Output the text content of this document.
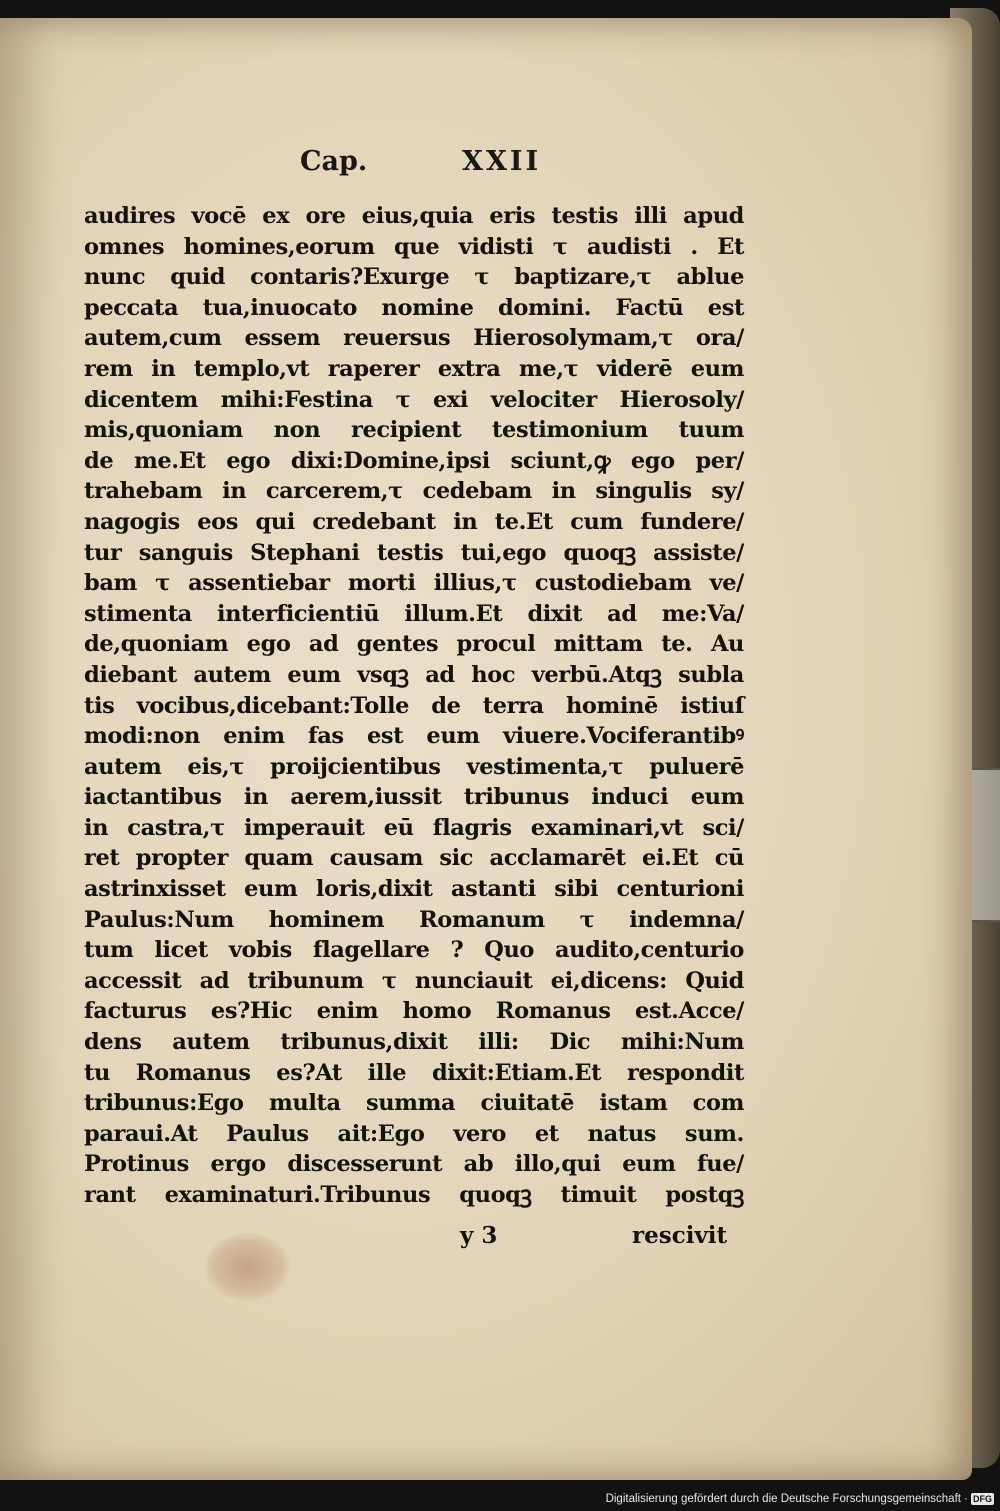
Cap.	XXII
audires vocē ex ore eius,quia eris testis illi apud
omnes homines,eorum que vidisti τ audisti . Et
nunc quid contaris?Exurge τ baptizare,τ ablue
peccata tua,inuocato nomine domini. Factū est
autem,cum essem reuersus Hierosolymam,τ ora/
rem in templo,vt raperer extra me,τ viderē eum
dicentem mihi:Festina τ exi velociter Hierosoly/
mis,quoniam non recipient testimonium tuum
de me.Et ego dixi:Domine,ipsi sciunt,ꝙ ego per/
trahebam in carcerem,τ cedebam in singulis sy/
nagogis eos qui credebant in te.Et cum fundere/
tur sanguis Stephani testis tui,ego quoqꝫ assiste/
bam τ assentiebar morti illius,τ custodiebam ve/
stimenta interficientiū illum.Et dixit ad me:Va/
de,quoniam ego ad gentes procul mittam te. Au
diebant autem eum vsqꝫ ad hoc verbū.Atqꝫ subla
tis vocibus,dicebant:Tolle de terra hominē istiuſ
modi:non enim fas est eum viuere.Vociferantibꝰ
autem eis,τ proijcientibus vestimenta,τ puluerē
iactantibus in aerem,iussit tribunus induci eum
in castra,τ imperauit eū flagris examinari,vt sci/
ret propter quam causam sic acclamarēt ei.Et cū
astrinxisset eum loris,dixit astanti sibi centurioni
Paulus:Num hominem Romanum τ indemna/
tum licet vobis flagellare ? Quo audito,centurio
accessit ad tribunum τ nunciauit ei,dicens: Quid
facturus es?Hic enim homo Romanus est.Acce/
dens autem tribunus,dixit illi: Dic mihi:Num
tu Romanus es?At ille dixit:Etiam.Et respondit
tribunus:Ego multa summa ciuitatē istam com
paraui.At Paulus ait:Ego vero et natus sum.
Protinus ergo discesserunt ab illo,qui eum fue/
rant examinaturi.Tribunus quoqꝫ timuit postqꝫ
y 3	rescivit
Digitalisierung gefördert durch die Deutsche Forschungsgemeinschaft · DFG
